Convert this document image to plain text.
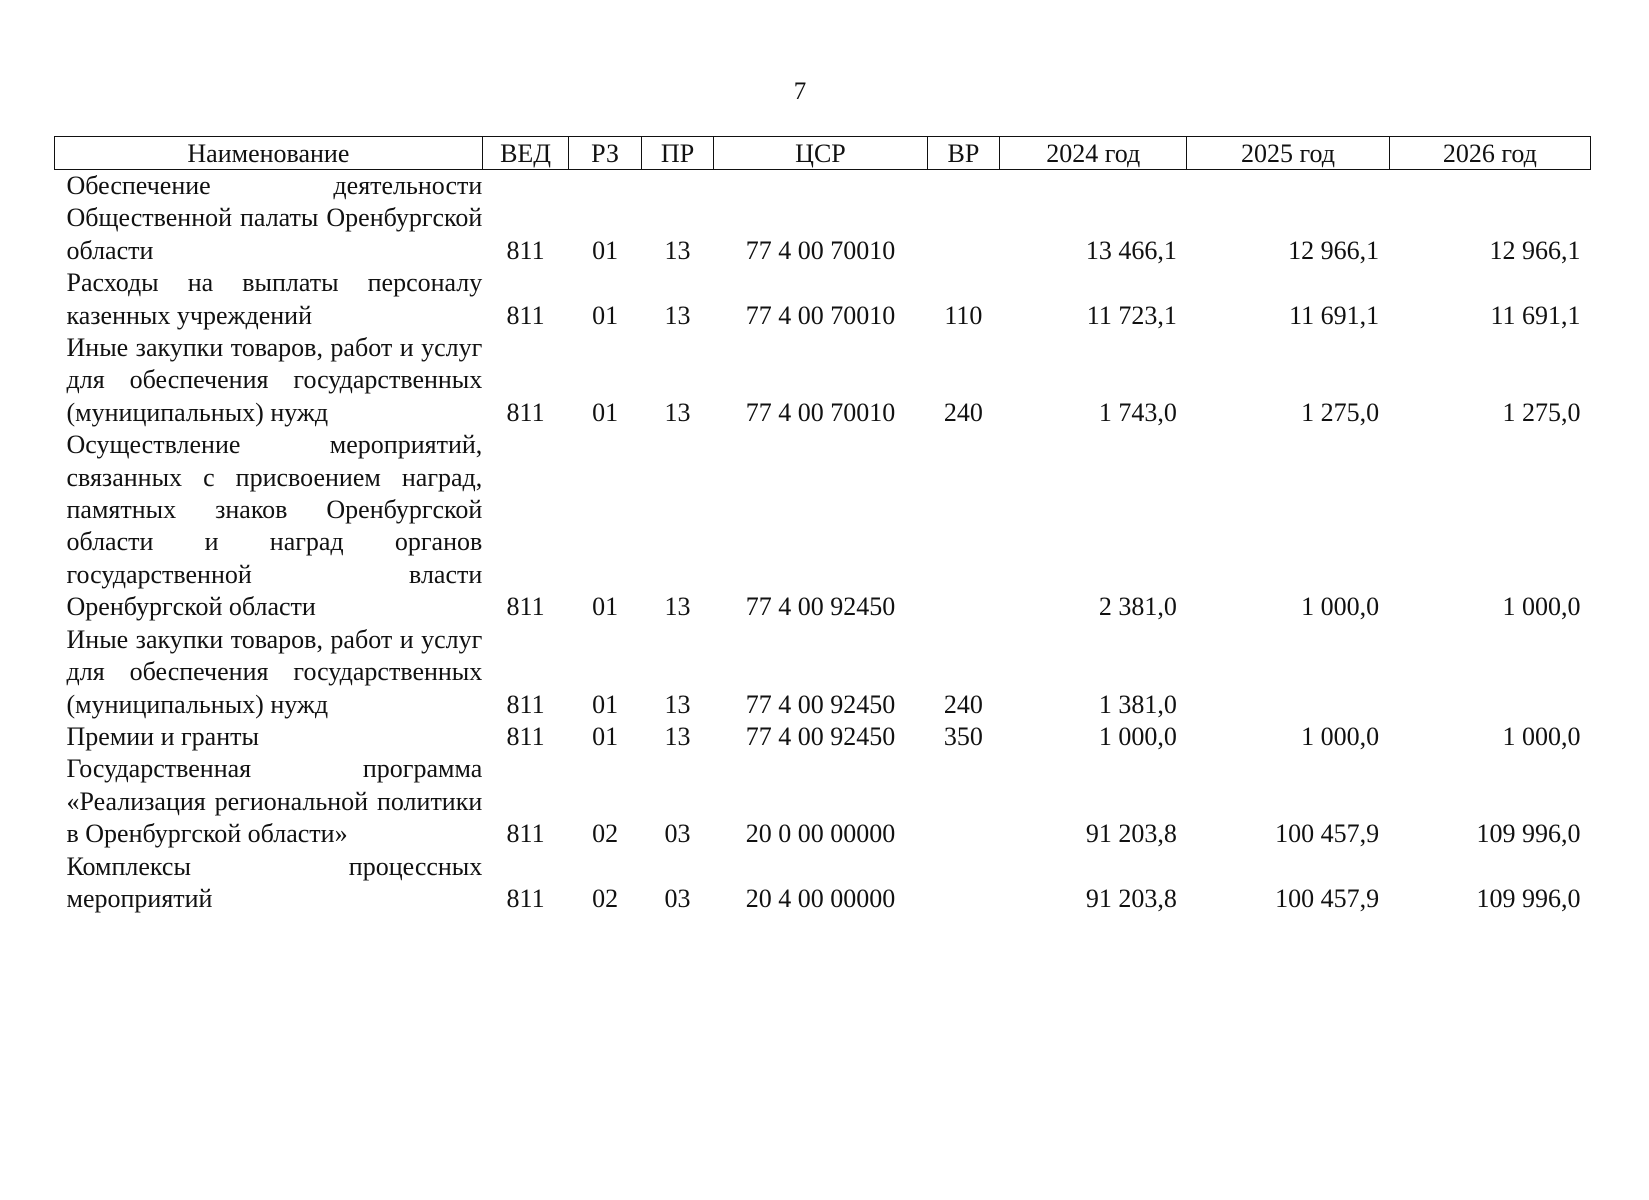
7
Наименование	ВЕД	РЗ	ПР	ЦСР	ВР	2024 год	2025 год	2026 год
Обеспечение деятельности Общественной палаты Оренбургской области	811	01	13	77 4 00 70010		13 466,1	12 966,1	12 966,1
Расходы на выплаты персоналу казенных учреждений	811	01	13	77 4 00 70010	110	11 723,1	11 691,1	11 691,1
Иные закупки товаров, работ и услуг для обеспечения государственных (муниципальных) нужд	811	01	13	77 4 00 70010	240	1 743,0	1 275,0	1 275,0
Осуществление мероприятий, связанных с присвоением наград, памятных знаков Оренбургской области и наград органов государственной власти Оренбургской области	811	01	13	77 4 00 92450		2 381,0	1 000,0	1 000,0
Иные закупки товаров, работ и услуг для обеспечения государственных (муниципальных) нужд	811	01	13	77 4 00 92450	240	1 381,0		
Премии и гранты	811	01	13	77 4 00 92450	350	1 000,0	1 000,0	1 000,0
Государственная программа «Реализация региональной политики в Оренбургской области»	811	02	03	20 0 00 00000		91 203,8	100 457,9	109 996,0
Комплексы процессных мероприятий	811	02	03	20 4 00 00000		91 203,8	100 457,9	109 996,0
